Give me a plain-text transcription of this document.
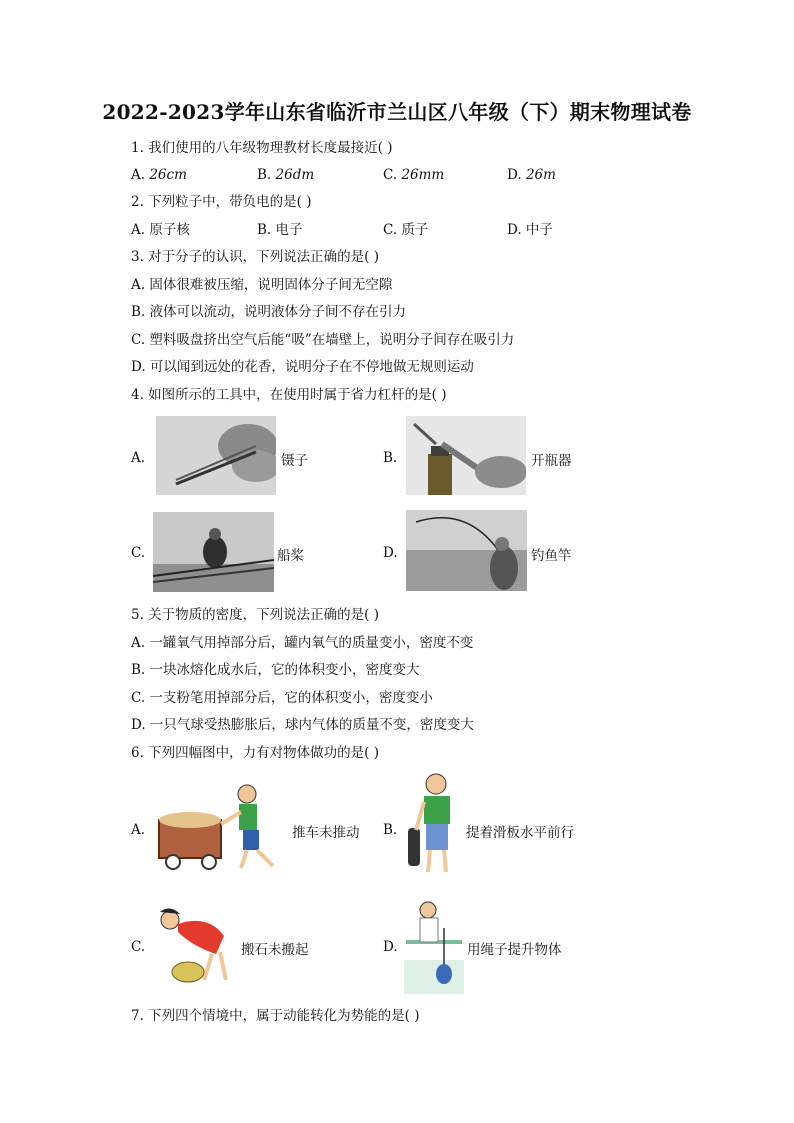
2022-2023学年山东省临沂市兰山区八年级（下）期末物理试卷
1. 我们使用的八年级物理教材长度最接近( )
A. 26cm	B. 26dm	C. 26mm	D. 26m
2. 下列粒子中，带负电的是( )
A. 原子核	B. 电子	C. 质子	D. 中子
3. 对于分子的认识，下列说法正确的是( )
A. 固体很难被压缩，说明固体分子间无空隙
B. 液体可以流动，说明液体分子间不存在引力
C. 塑料吸盘挤出空气后能“吸”在墙壁上，说明分子间存在吸引力
D. 可以闻到远处的花香，说明分子在不停地做无规则运动
4. 如图所示的工具中，在使用时属于省力杠杆的是( )
A.	镊子	B.	开瓶器
C.	船桨	D.	钓鱼竿
5. 关于物质的密度，下列说法正确的是( )
A. 一罐氧气用掉部分后，罐内氧气的质量变小，密度不变
B. 一块冰熔化成水后，它的体积变小，密度变大
C. 一支粉笔用掉部分后，它的体积变小，密度变小
D. 一只气球受热膨胀后，球内气体的质量不变，密度变大
6. 下列四幅图中，力有对物体做功的是( )
A.	推车未推动 B.	提着滑板水平前行
C.	搬石未搬起	D.	用绳子提升物体
7. 下列四个情境中，属于动能转化为势能的是( )
